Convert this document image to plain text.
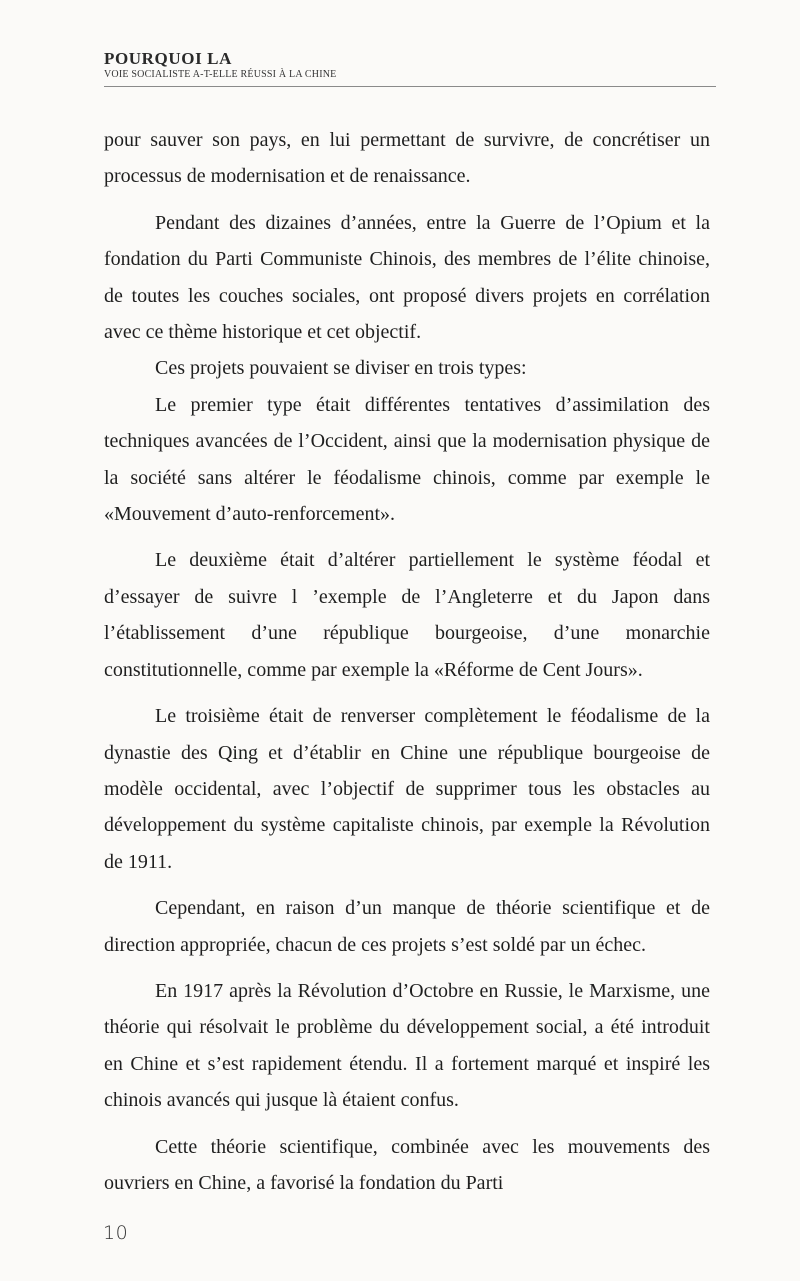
POURQUOI LA
VOIE SOCIALISTE A-T-ELLE RÉUSSI À LA CHINE

pour sauver son pays, en lui permettant de survivre, de concrétiser un processus de modernisation et de renaissance.

Pendant des dizaines d’années, entre la Guerre de l’Opium et la fondation du Parti Communiste Chinois, des membres de l’élite chinoise, de toutes les couches sociales, ont proposé divers projets en corrélation avec ce thème historique et cet objectif.

Ces projets pouvaient se diviser en trois types:

Le premier type était différentes tentatives d’assimilation des techniques avancées de l’Occident, ainsi que la modernisation physique de la société sans altérer le féodalisme chinois, comme par exemple le «Mouvement d’auto-renforcement».

Le deuxième était d’altérer partiellement le système féodal et d’essayer de suivre l ’exemple de l’Angleterre et du Japon dans l’établissement d’une république bourgeoise, d’une monarchie constitutionnelle, comme par exemple la «Réforme de Cent Jours».

Le troisième était de renverser complètement le féodalisme de la dynastie des Qing et d’établir en Chine une république bourgeoise de modèle occidental, avec l’objectif de supprimer tous les obstacles au développement du système capitaliste chinois, par exemple la Révolution de 1911.

Cependant, en raison d’un manque de théorie scientifique et de direction appropriée, chacun de ces projets s’est soldé par un échec.

En 1917 après la Révolution d’Octobre en Russie, le Marxisme, une théorie qui résolvait le problème du développement social, a été introduit en Chine et s’est rapidement étendu. Il a fortement marqué et inspiré les chinois avancés qui jusque là étaient confus.

Cette théorie scientifique, combinée avec les mouvements des ouvriers en Chine, a favorisé la fondation du Parti

10
